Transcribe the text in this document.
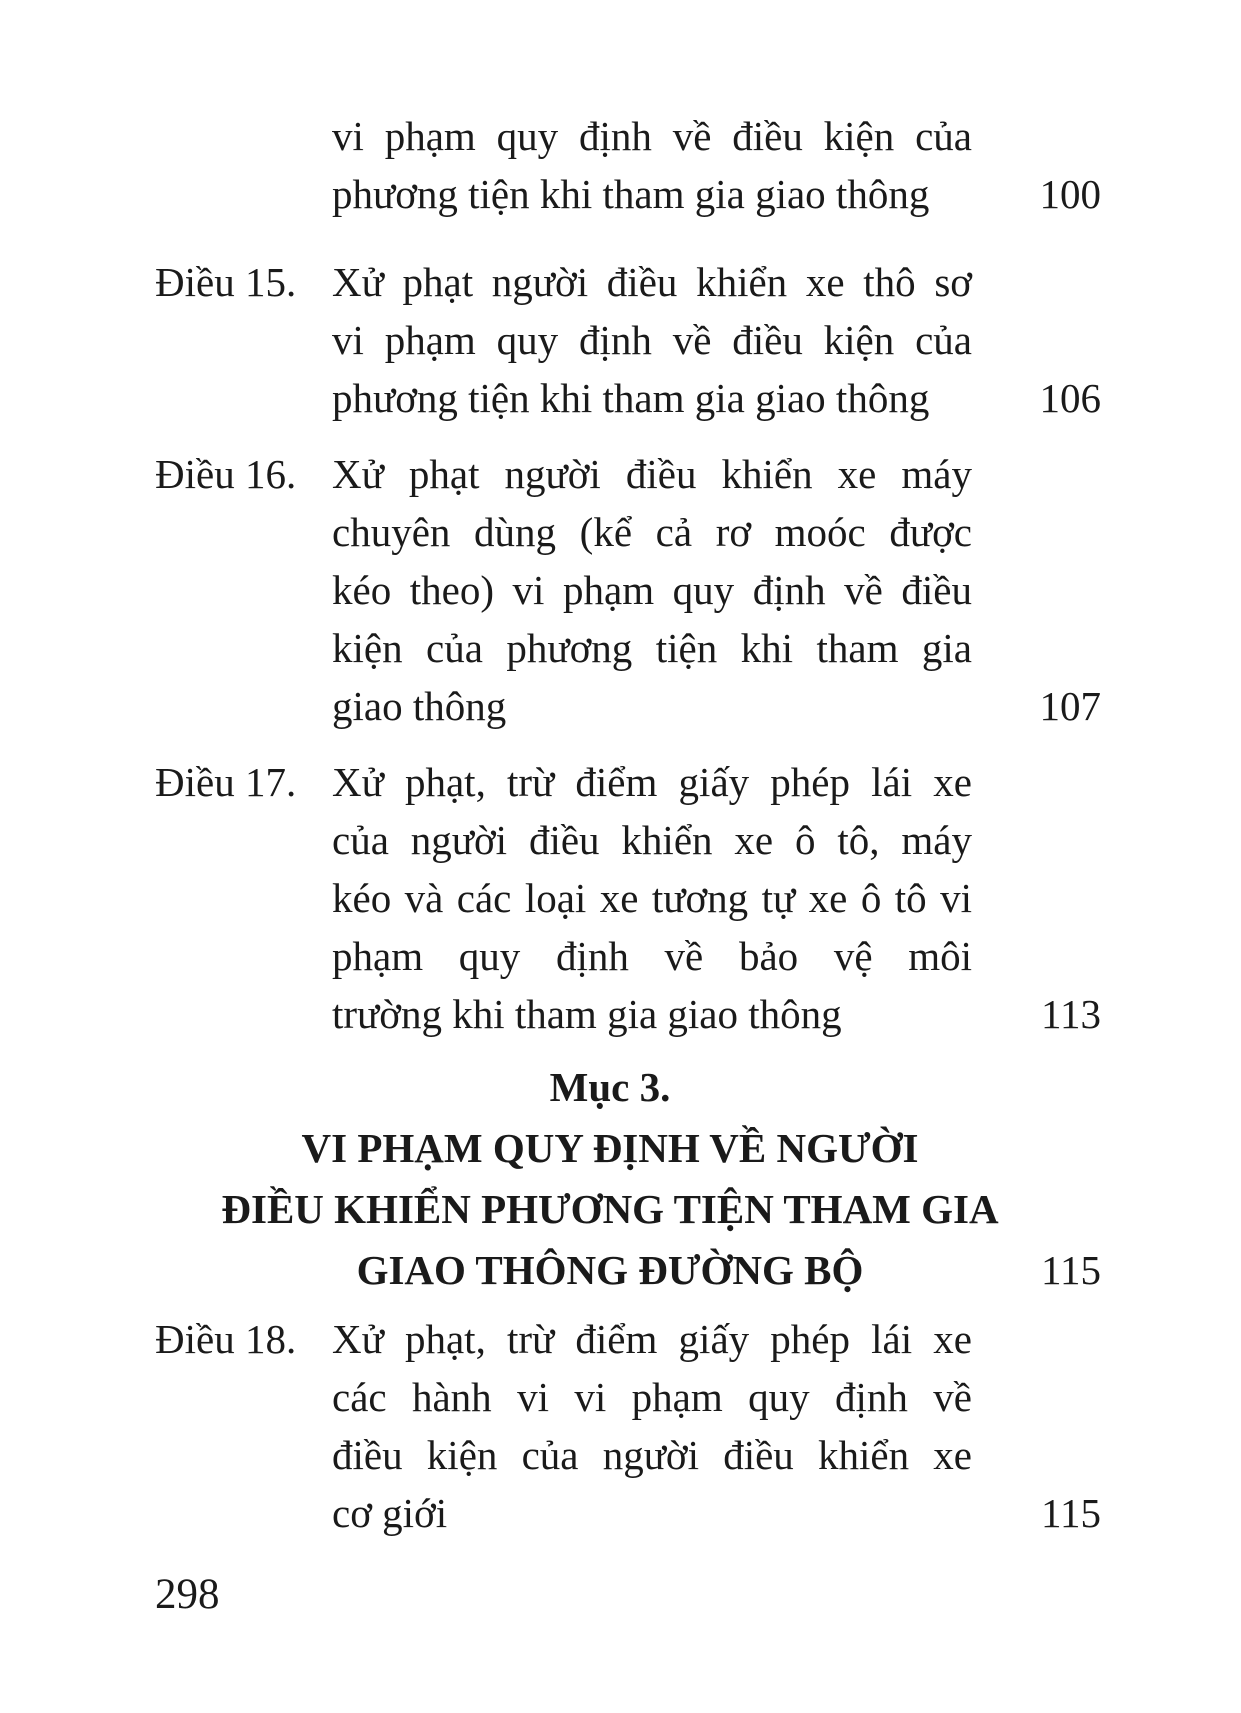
vi phạm quy định về điều kiện của
phương tiện khi tham gia giao thông	100
Điều 15. Xử phạt người điều khiển xe thô sơ
vi phạm quy định về điều kiện của
phương tiện khi tham gia giao thông	106
Điều 16. Xử phạt người điều khiển xe máy
chuyên dùng (kể cả rơ moóc được
kéo theo) vi phạm quy định về điều
kiện của phương tiện khi tham gia
giao thông	107
Điều 17. Xử phạt, trừ điểm giấy phép lái xe
của người điều khiển xe ô tô, máy
kéo và các loại xe tương tự xe ô tô vi
phạm quy định về bảo vệ môi
trường khi tham gia giao thông	113
Mục 3.
VI PHẠM QUY ĐỊNH VỀ NGƯỜI
ĐIỀU KHIỂN PHƯƠNG TIỆN THAM GIA
GIAO THÔNG ĐƯỜNG BỘ	115
Điều 18. Xử phạt, trừ điểm giấy phép lái xe
các hành vi vi phạm quy định về
điều kiện của người điều khiển xe
cơ giới	115
298
